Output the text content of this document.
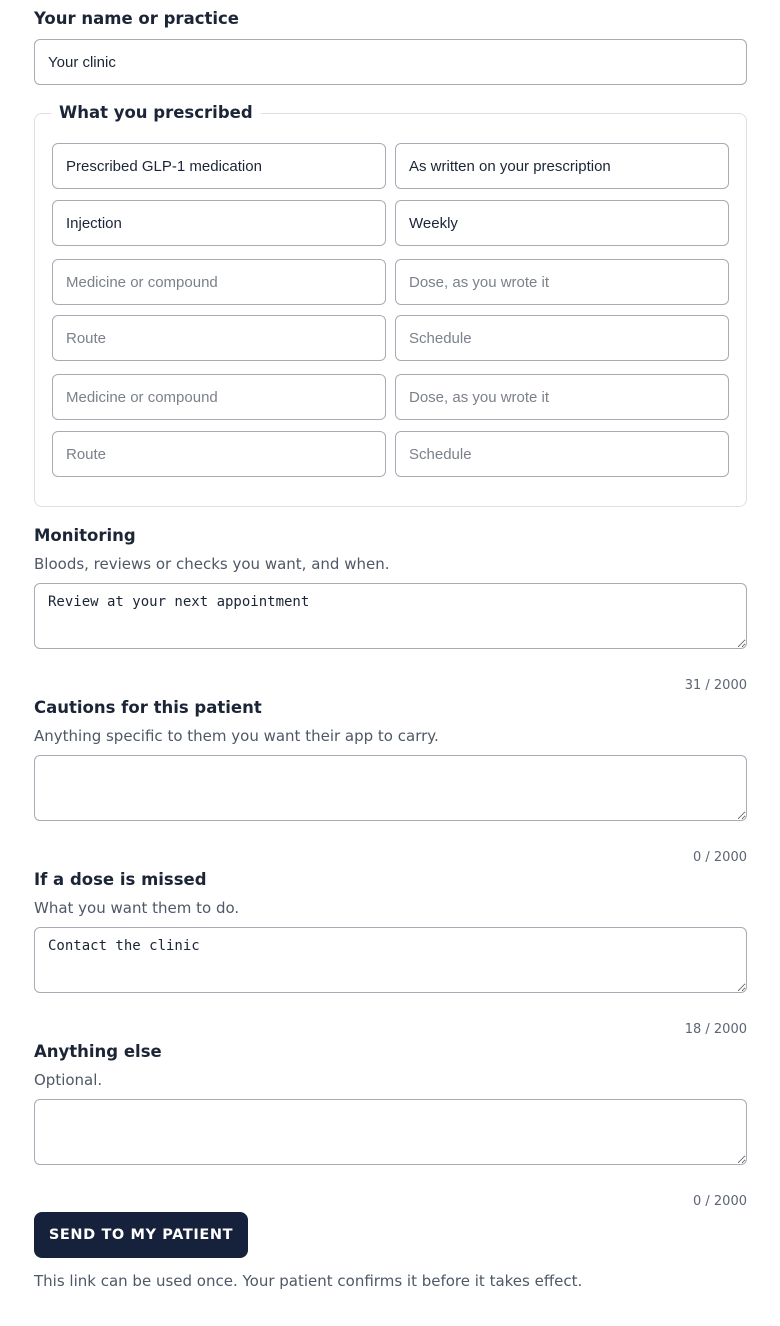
Your name or practice
Your clinic
What you prescribed
Prescribed GLP-1 medication
As written on your prescription
Injection
Weekly
Medicine or compound
Dose, as you wrote it
Route
Schedule
Medicine or compound
Dose, as you wrote it
Route
Schedule
Monitoring
Bloods, reviews or checks you want, and when.
Review at your next appointment
31 / 2000
Cautions for this patient
Anything specific to them you want their app to carry.
0 / 2000
If a dose is missed
What you want them to do.
Contact the clinic
18 / 2000
Anything else
Optional.
0 / 2000
SEND TO MY PATIENT
This link can be used once. Your patient confirms it before it takes effect.
